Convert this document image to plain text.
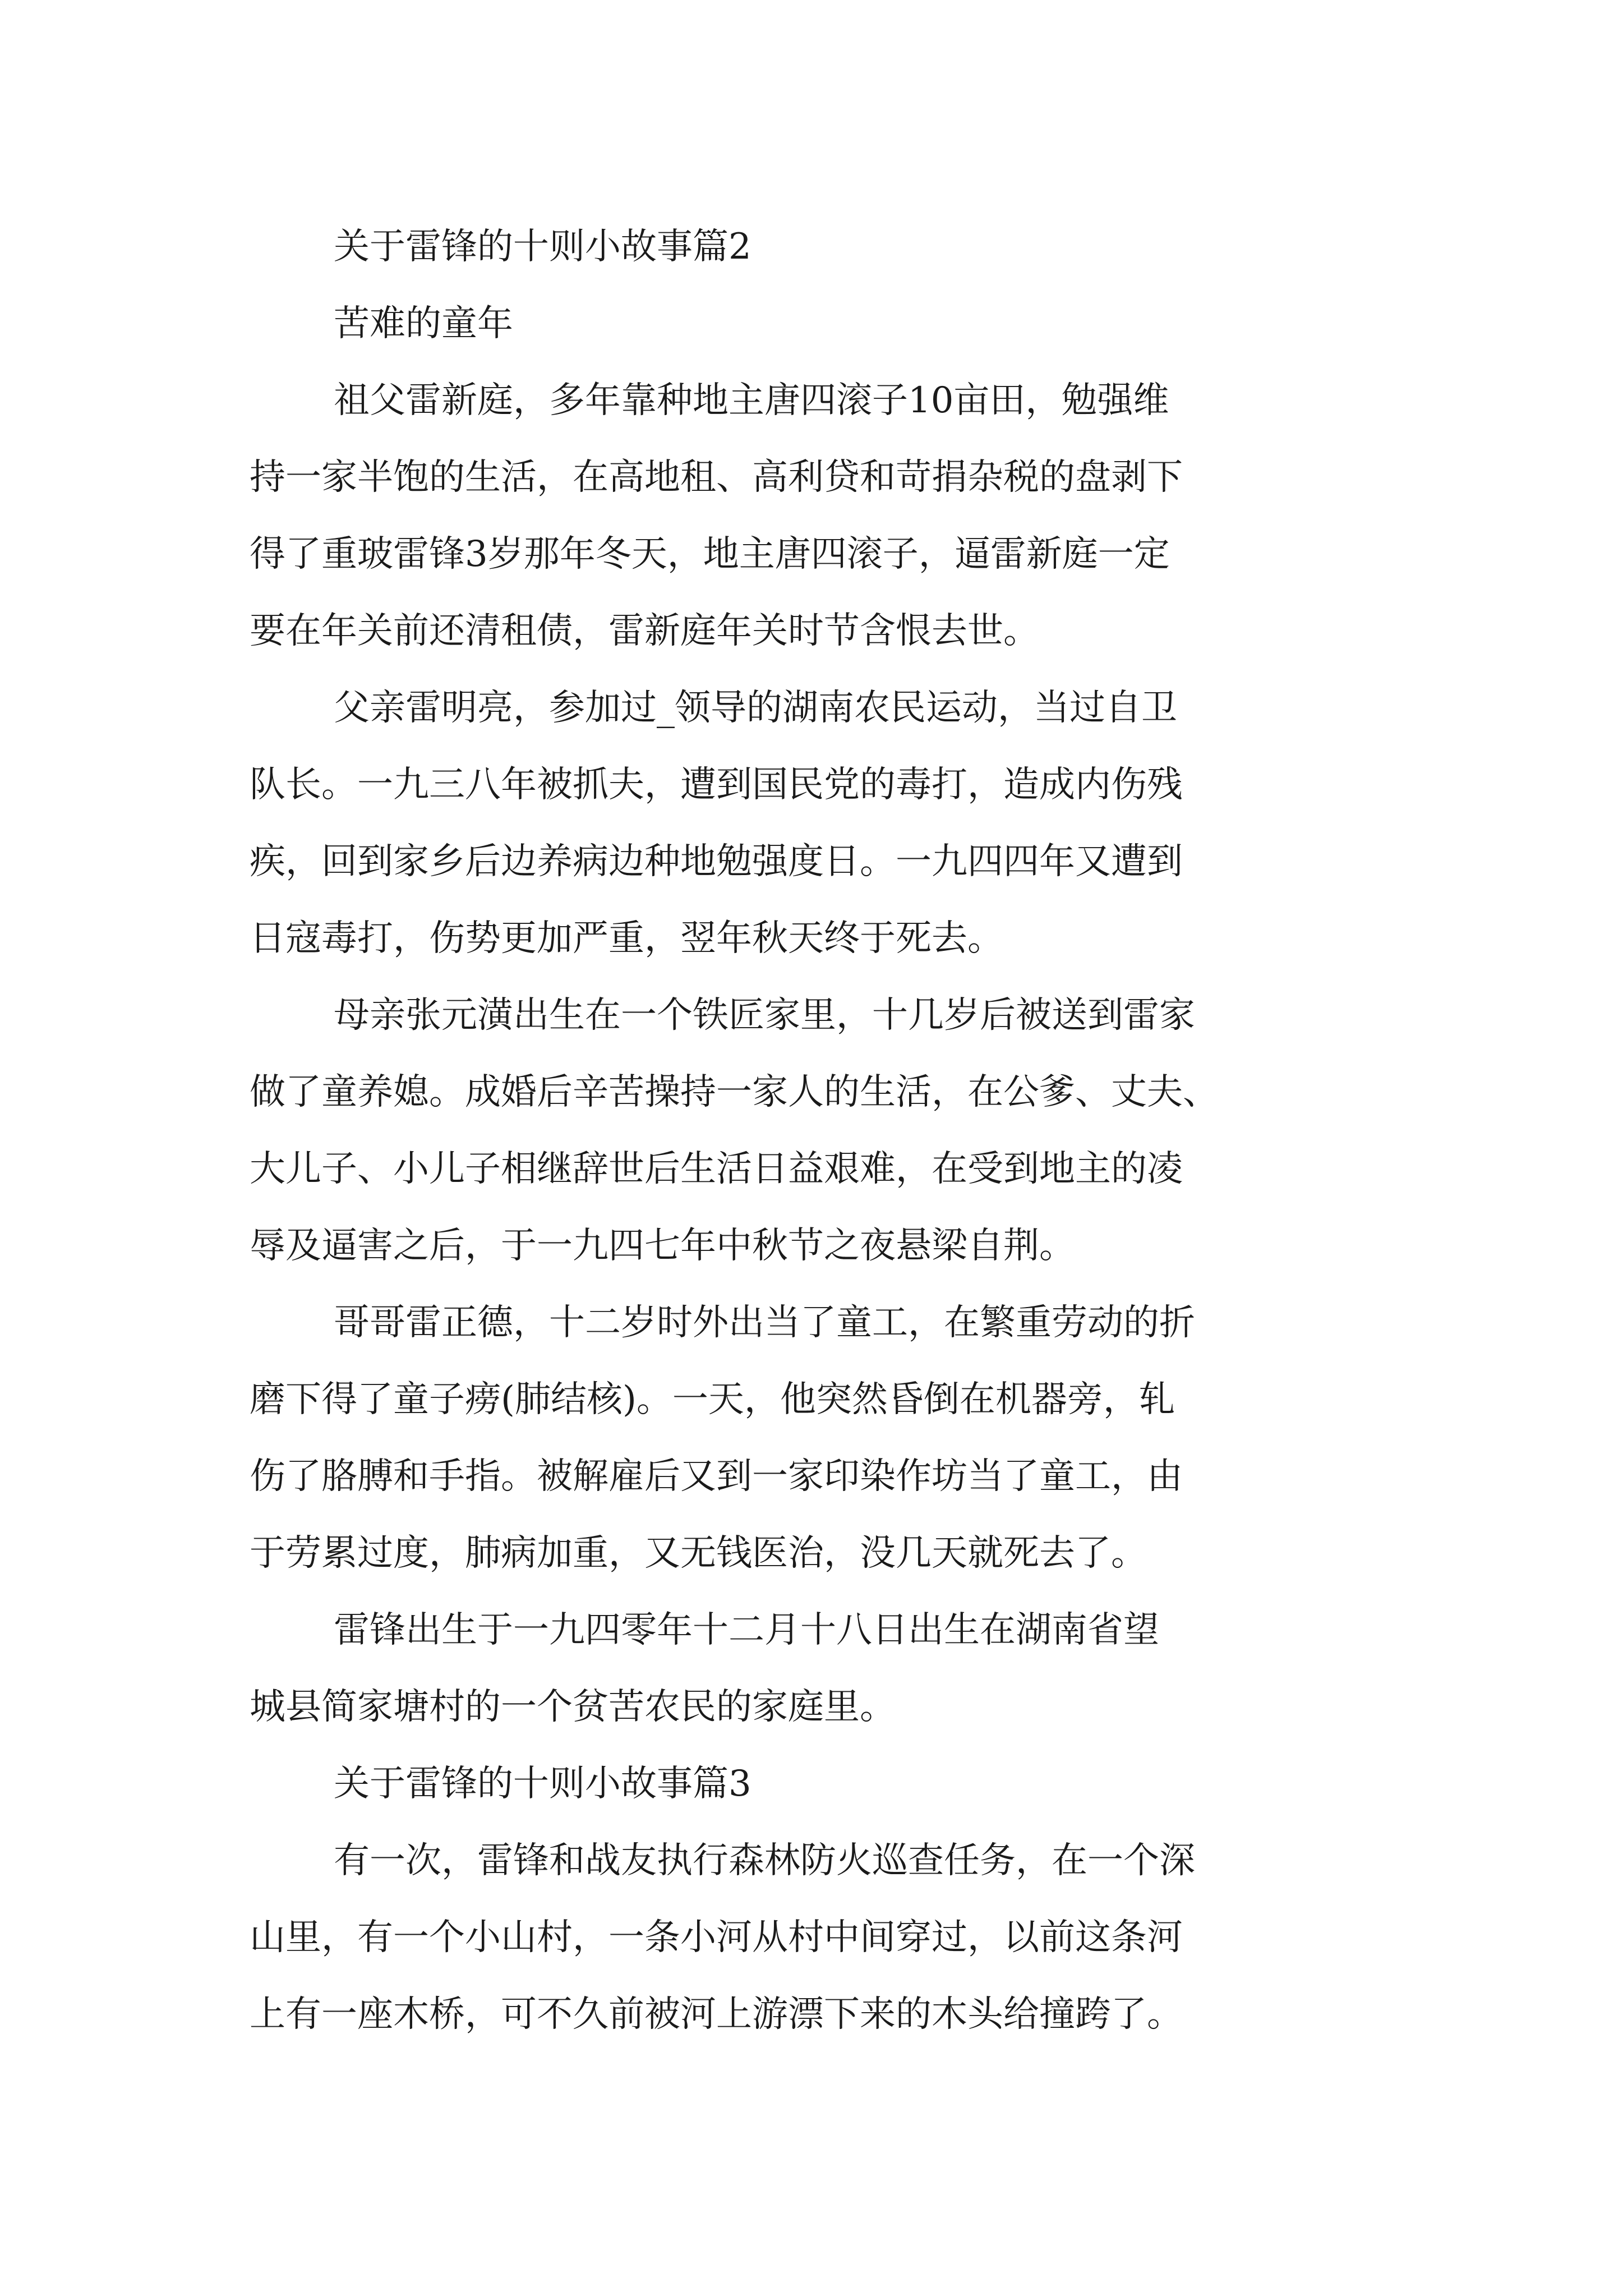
关于雷锋的十则小故事篇2

苦难的童年

祖父雷新庭，多年靠种地主唐四滚子10亩田，勉强维
持一家半饱的生活，在高地租、高利贷和苛捐杂税的盘剥下
得了重玻雷锋3岁那年冬天，地主唐四滚子，逼雷新庭一定
要在年关前还清租债，雷新庭年关时节含恨去世。

父亲雷明亮，参加过_领导的湖南农民运动，当过自卫
队长。一九三八年被抓夫，遭到国民党的毒打，造成内伤残
疾，回到家乡后边养病边种地勉强度日。一九四四年又遭到
日寇毒打，伤势更加严重，翌年秋天终于死去。

母亲张元潢出生在一个铁匠家里，十几岁后被送到雷家
做了童养媳。成婚后辛苦操持一家人的生活，在公爹、丈夫、
大儿子、小儿子相继辞世后生活日益艰难，在受到地主的凌
辱及逼害之后，于一九四七年中秋节之夜悬梁自荆。

哥哥雷正德，十二岁时外出当了童工，在繁重劳动的折
磨下得了童子痨(肺结核)。一天，他突然昏倒在机器旁，轧
伤了胳膊和手指。被解雇后又到一家印染作坊当了童工，由
于劳累过度，肺病加重，又无钱医治，没几天就死去了。

雷锋出生于一九四零年十二月十八日出生在湖南省望
城县简家塘村的一个贫苦农民的家庭里。

关于雷锋的十则小故事篇3

有一次，雷锋和战友执行森林防火巡查任务，在一个深
山里，有一个小山村，一条小河从村中间穿过，以前这条河
上有一座木桥，可不久前被河上游漂下来的木头给撞跨了。
